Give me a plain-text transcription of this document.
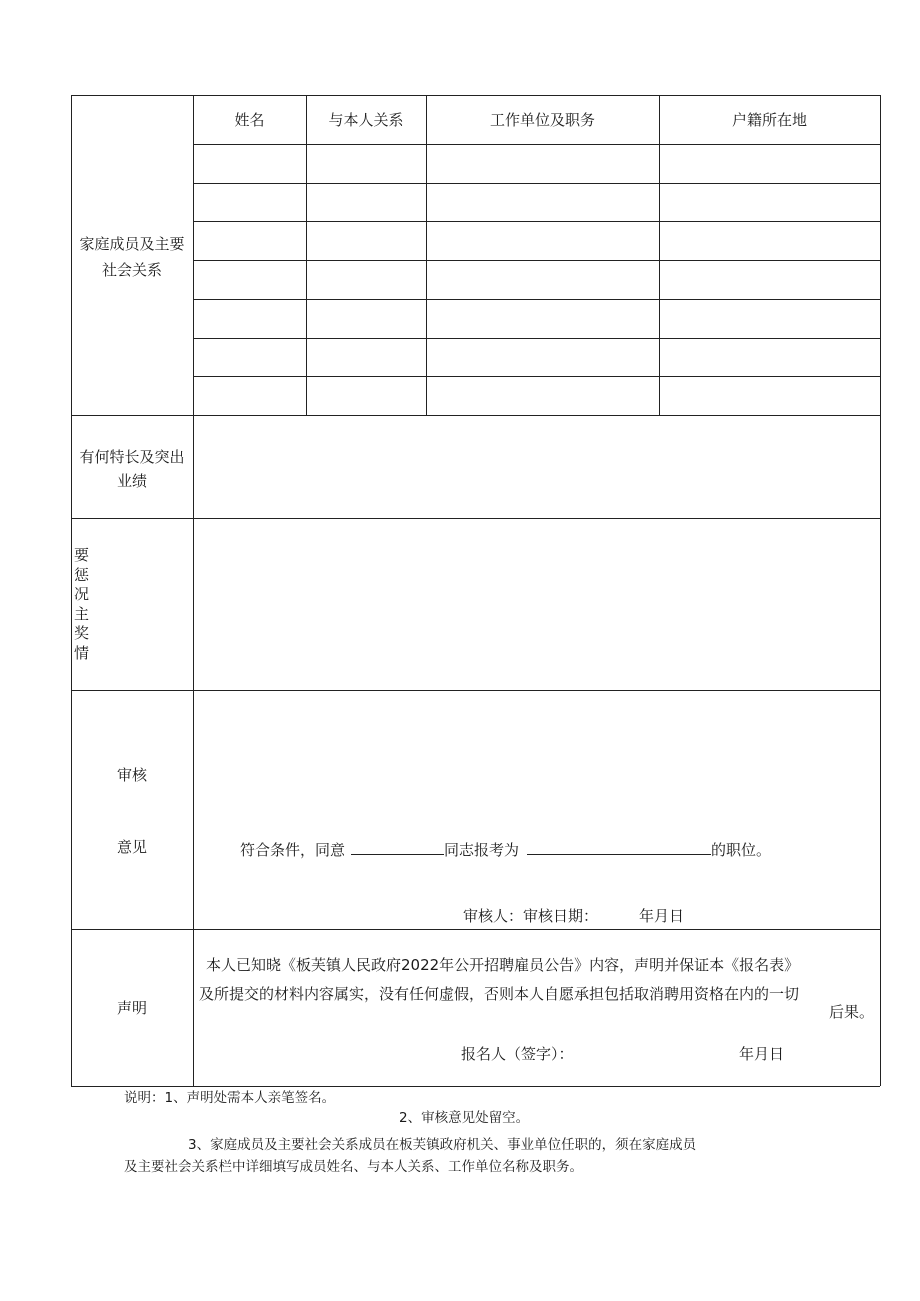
家庭成员及主要
社会关系
姓名	与本人关系	工作单位及职务	户籍所在地
有何特长及突出
业绩
要
惩
况
主
奖
情
审核
意见	符合条件，同意	同志报考为	的职位。
审核人：审核日期：	年月日
声明
本人已知晓《板芙镇人民政府2022年公开招聘雇员公告》内容，声明并保证本《报名表》
及所提交的材料内容属实，没有任何虚假，否则本人自愿承担包括取消聘用资格在内的一切
后果。
报名人（签字）：	年月日
说明：1、声明处需本人亲笔签名。
2、审核意见处留空。
3、家庭成员及主要社会关系成员在板芙镇政府机关、事业单位任职的，须在家庭成员
及主要社会关系栏中详细填写成员姓名、与本人关系、工作单位名称及职务。
